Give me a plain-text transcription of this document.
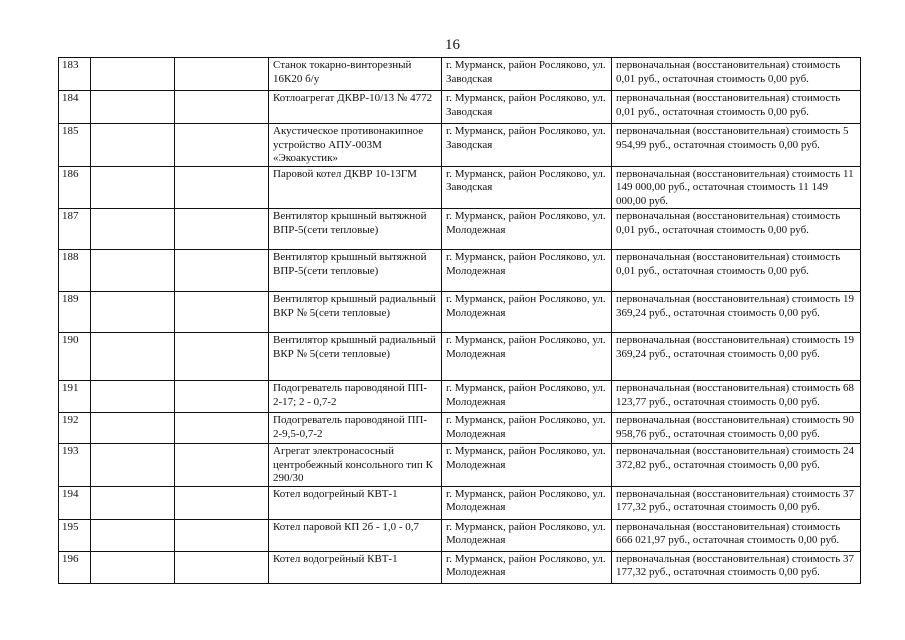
16
183			Станок токарно-винторезный 16К20 б/у	г. Мурманск, район Росляково, ул. Заводская	первоначальная (восстановительная) стоимость 0,01 руб., остаточная стоимость 0,00 руб.
184			Котлоагрегат ДКВР-10/13 № 4772	г. Мурманск, район Росляково, ул. Заводская	первоначальная (восстановительная) стоимость 0,01 руб., остаточная стоимость 0,00 руб.
185			Акустическое противонакипное устройство АПУ-003М «Экоакустик»	г. Мурманск, район Росляково, ул. Заводская	первоначальная (восстановительная) стоимость 5 954,99 руб., остаточная стоимость 0,00 руб.
186			Паровой котел ДКВР 10-13ГМ	г. Мурманск, район Росляково, ул. Заводская	первоначальная (восстановительная) стоимость 11 149 000,00 руб., остаточная стоимость 11 149 000,00 руб.
187			Вентилятор крышный вытяжной ВПР-5(сети тепловые)	г. Мурманск, район Росляково, ул. Молодежная	первоначальная (восстановительная) стоимость 0,01 руб., остаточная стоимость 0,00 руб.
188			Вентилятор крышный вытяжной ВПР-5(сети тепловые)	г. Мурманск, район Росляково, ул. Молодежная	первоначальная (восстановительная) стоимость 0,01 руб., остаточная стоимость 0,00 руб.
189			Вентилятор крышный радиальный ВКР № 5(сети тепловые)	г. Мурманск, район Росляково, ул. Молодежная	первоначальная (восстановительная) стоимость 19 369,24 руб., остаточная стоимость 0,00 руб.
190			Вентилятор крышный радиальный ВКР № 5(сети тепловые)	г. Мурманск, район Росляково, ул. Молодежная	первоначальная (восстановительная) стоимость 19 369,24 руб., остаточная стоимость 0,00 руб.
191			Подогреватель пароводяной ПП- 2-17; 2 - 0,7-2	г. Мурманск, район Росляково, ул. Молодежная	первоначальная (восстановительная) стоимость 68 123,77 руб., остаточная стоимость 0,00 руб.
192			Подогреватель пароводяной ПП- 2-9,5-0,7-2	г. Мурманск, район Росляково, ул. Молодежная	первоначальная (восстановительная) стоимость 90 958,76 руб., остаточная стоимость 0,00 руб.
193			Агрегат электронасосный центробежный консольного тип К 290/30	г. Мурманск, район Росляково, ул. Молодежная	первоначальная (восстановительная) стоимость 24 372,82 руб., остаточная стоимость 0,00 руб.
194			Котел водогрейный КВТ-1	г. Мурманск, район Росляково, ул. Молодежная	первоначальная (восстановительная) стоимость 37 177,32 руб., остаточная стоимость 0,00 руб.
195			Котел паровой КП 2б - 1,0 - 0,7	г. Мурманск, район Росляково, ул. Молодежная	первоначальная (восстановительная) стоимость 666 021,97 руб., остаточная стоимость 0,00 руб.
196			Котел водогрейный КВТ-1	г. Мурманск, район Росляково, ул. Молодежная	первоначальная (восстановительная) стоимость 37 177,32 руб., остаточная стоимость 0,00 руб.
